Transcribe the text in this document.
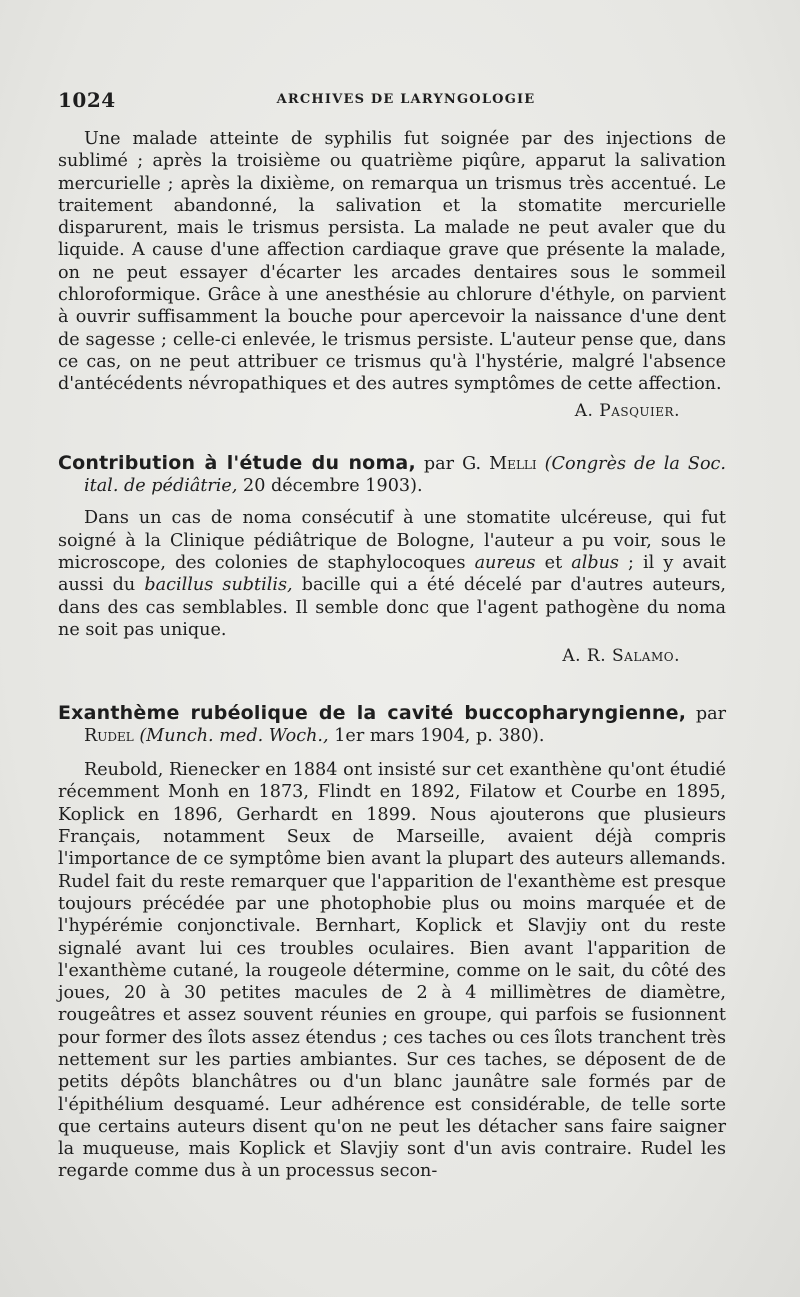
1024	ARCHIVES DE LARYNGOLOGIE

Une malade atteinte de syphilis fut soignée par des injections de sublimé ; après la troisième ou quatrième piqûre, apparut la salivation mercurielle ; après la dixième, on remarqua un trismus très accentué. Le traitement abandonné, la salivation et la stomatite mercurielle disparurent, mais le trismus persista. La malade ne peut avaler que du liquide. A cause d'une affection cardiaque grave que présente la malade, on ne peut essayer d'écarter les arcades dentaires sous le sommeil chloroformique. Grâce à une anesthésie au chlorure d'éthyle, on parvient à ouvrir suffisamment la bouche pour apercevoir la naissance d'une dent de sagesse ; celle-ci enlevée, le trismus persiste. L'auteur pense que, dans ce cas, on ne peut attribuer ce trismus qu'à l'hystérie, malgré l'absence d'antécédents névropathiques et des autres symptômes de cette affection.

A. Pasquier.

Contribution à l'étude du noma, par G. Melli (Congrès de la Soc. ital. de pédiâtrie, 20 décembre 1903).

Dans un cas de noma consécutif à une stomatite ulcéreuse, qui fut soigné à la Clinique pédiâtrique de Bologne, l'auteur a pu voir, sous le microscope, des colonies de staphylocoques aureus et albus ; il y avait aussi du bacillus subtilis, bacille qui a été décelé par d'autres auteurs, dans des cas semblables. Il semble donc que l'agent pathogène du noma ne soit pas unique.

A. R. Salamo.

Exanthème rubéolique de la cavité buccopharyngienne, par Rudel (Munch. med. Woch., 1er mars 1904, p. 380).

Reubold, Rienecker en 1884 ont insisté sur cet exanthène qu'ont étudié récemment Monh en 1873, Flindt en 1892, Filatow et Courbe en 1895, Koplick en 1896, Gerhardt en 1899. Nous ajouterons que plusieurs Français, notamment Seux de Marseille, avaient déjà compris l'importance de ce symptôme bien avant la plupart des auteurs allemands. Rudel fait du reste remarquer que l'apparition de l'exanthème est presque toujours précédée par une photophobie plus ou moins marquée et de l'hypérémie conjonctivale. Bernhart, Koplick et Slavjiy ont du reste signalé avant lui ces troubles oculaires. Bien avant l'apparition de l'exanthème cutané, la rougeole détermine, comme on le sait, du côté des joues, 20 à 30 petites macules de 2 à 4 millimètres de diamètre, rougeâtres et assez souvent réunies en groupe, qui parfois se fusionnent pour former des îlots assez étendus ; ces taches ou ces îlots tranchent très nettement sur les parties ambiantes. Sur ces taches, se déposent de de petits dépôts blanchâtres ou d'un blanc jaunâtre sale formés par de l'épithélium desquamé. Leur adhérence est considérable, de telle sorte que certains auteurs disent qu'on ne peut les détacher sans faire saigner la muqueuse, mais Koplick et Slavjiy sont d'un avis contraire. Rudel les regarde comme dus à un processus secon-
